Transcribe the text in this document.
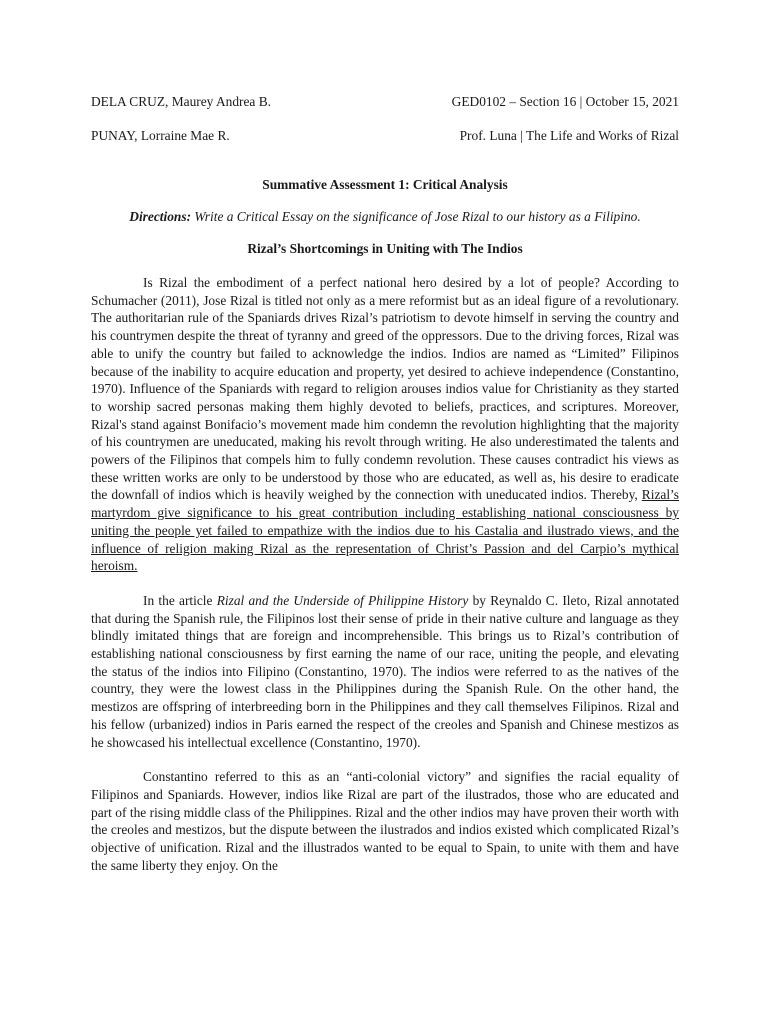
DELA CRUZ, Maurey Andrea B.	GED0102 – Section 16 | October 15, 2021
PUNAY, Lorraine Mae R.	Prof. Luna | The Life and Works of Rizal
Summative Assessment 1: Critical Analysis
Directions: Write a Critical Essay on the significance of Jose Rizal to our history as a Filipino.
Rizal’s Shortcomings in Uniting with The Indios

Is Rizal the embodiment of a perfect national hero desired by a lot of people? According to Schumacher (2011), Jose Rizal is titled not only as a mere reformist but as an ideal figure of a revolutionary. The authoritarian rule of the Spaniards drives Rizal’s patriotism to devote himself in serving the country and his countrymen despite the threat of tyranny and greed of the oppressors. Due to the driving forces, Rizal was able to unify the country but failed to acknowledge the indios. Indios are named as “Limited” Filipinos because of the inability to acquire education and property, yet desired to achieve independence (Constantino, 1970). Influence of the Spaniards with regard to religion arouses indios value for Christianity as they started to worship sacred personas making them highly devoted to beliefs, practices, and scriptures. Moreover, Rizal's stand against Bonifacio’s movement made him condemn the revolution highlighting that the majority of his countrymen are uneducated, making his revolt through writing. He also underestimated the talents and powers of the Filipinos that compels him to fully condemn revolution. These causes contradict his views as these written works are only to be understood by those who are educated, as well as, his desire to eradicate the downfall of indios which is heavily weighed by the connection with uneducated indios. Thereby, Rizal’s martyrdom give significance to his great contribution including establishing national consciousness by uniting the people yet failed to empathize with the indios due to his Castalia and ilustrado views, and the influence of religion making Rizal as the representation of Christ’s Passion and del Carpio’s mythical heroism.

In the article Rizal and the Underside of Philippine History by Reynaldo C. Ileto, Rizal annotated that during the Spanish rule, the Filipinos lost their sense of pride in their native culture and language as they blindly imitated things that are foreign and incomprehensible. This brings us to Rizal’s contribution of establishing national consciousness by first earning the name of our race, uniting the people, and elevating the status of the indios into Filipino (Constantino, 1970). The indios were referred to as the natives of the country, they were the lowest class in the Philippines during the Spanish Rule. On the other hand, the mestizos are offspring of interbreeding born in the Philippines and they call themselves Filipinos. Rizal and his fellow (urbanized) indios in Paris earned the respect of the creoles and Spanish and Chinese mestizos as he showcased his intellectual excellence (Constantino, 1970).

Constantino referred to this as an “anti-colonial victory” and signifies the racial equality of Filipinos and Spaniards. However, indios like Rizal are part of the ilustrados, those who are educated and part of the rising middle class of the Philippines. Rizal and the other indios may have proven their worth with the creoles and mestizos, but the dispute between the ilustrados and indios existed which complicated Rizal’s objective of unification. Rizal and the illustrados wanted to be equal to Spain, to unite with them and have the same liberty they enjoy. On the
